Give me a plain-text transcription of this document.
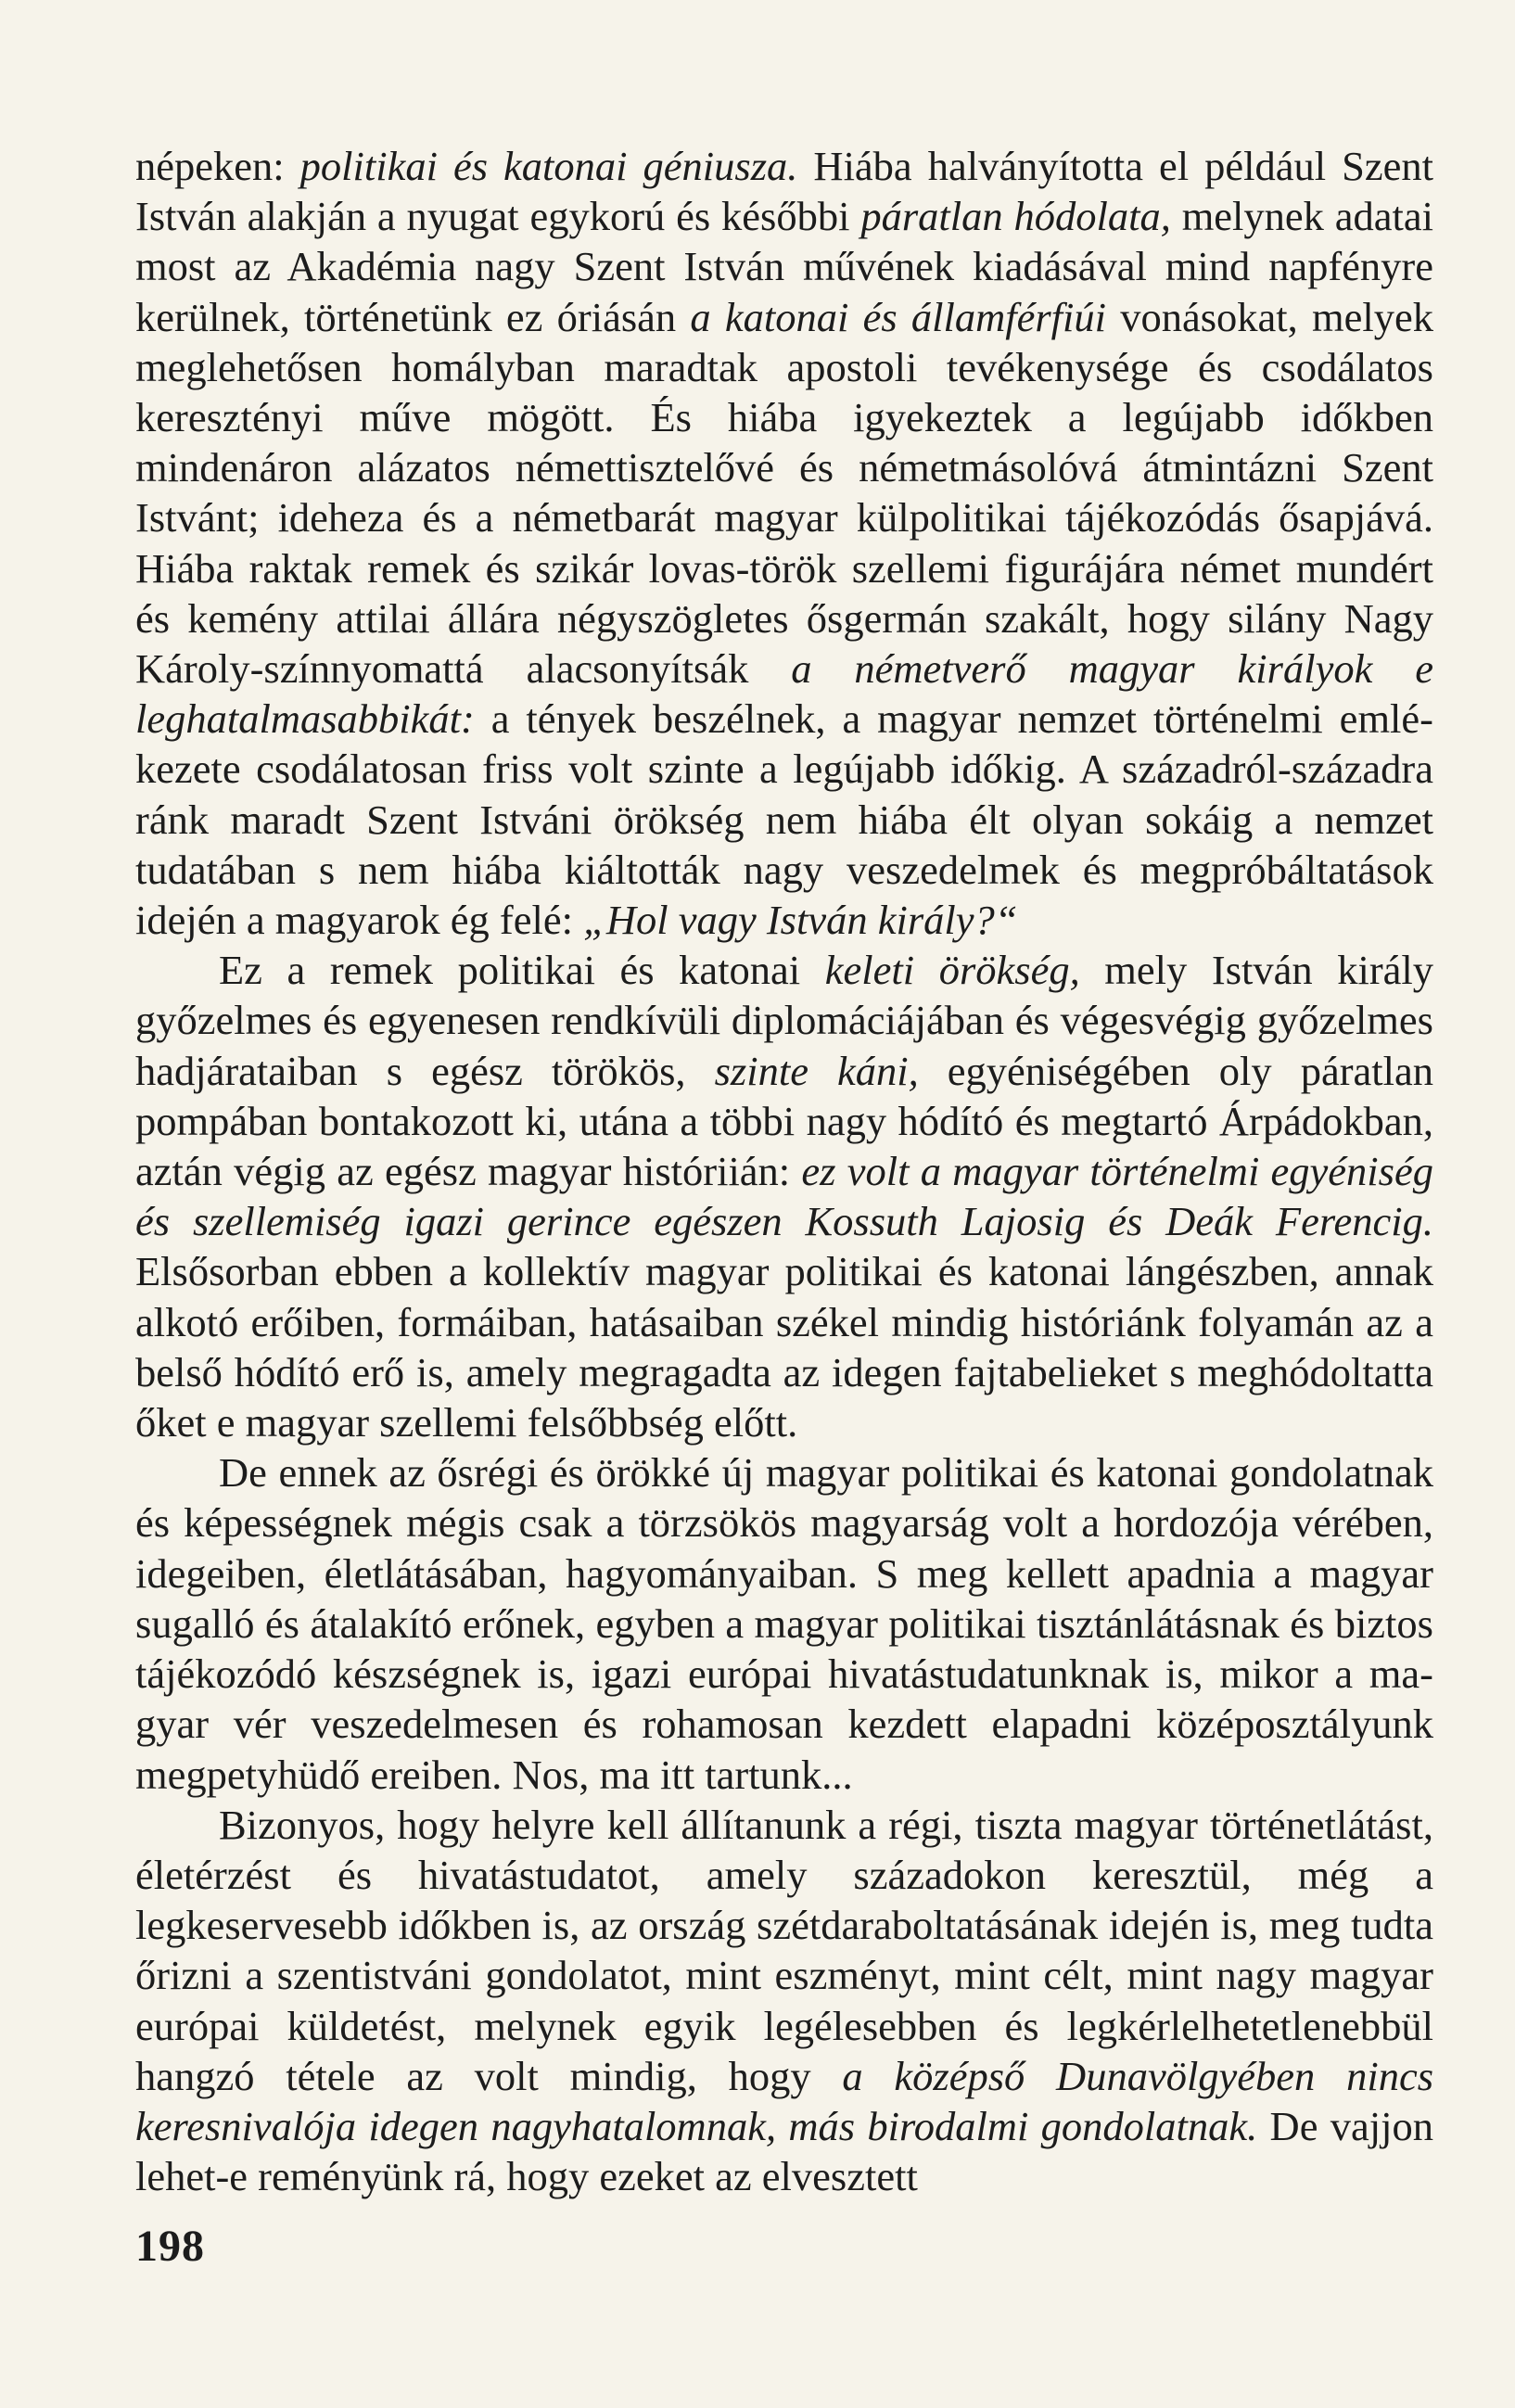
népeken: politikai és katonai géniusza. Hiába halványította el például Szent István alakján a nyugat egykorú és későbbi páratlan hódolata, melynek adatai most az Akadémia nagy Szent István művének kiadásával mind napfényre kerülnek, történetünk ez óriásán a katonai és államférfiúi vonásokat, melyek meglehetősen homályban maradtak apostoli tevékenysége és csodálatos keresztényi műve mögött. És hiába igyekeztek a legújabb időkben mindenáron alázatos némettisztelővé és németmásolóvá átmintázni Szent Istvánt; ideheza és a németbarát magyar külpolitikai tájékozódás ősapjává. Hiába raktak remek és szikár lovas-török szellemi figurájára német mundért és kemény attilai állára négyszögletes ősgermán szakált, hogy silány Nagy Károly-színnyomattá alacsonyítsák a németverő magyar királyok e leghatalmasabbikát: a tények beszélnek, a magyar nemzet történelmi emlékezete csodálatosan friss volt szinte a legújabb időkig. A századról-századra ránk maradt Szent Istváni örökség nem hiába élt olyan sokáig a nemzet tudatában s nem hiába kiáltották nagy veszedelmek és megpróbáltatások idején a magyarok ég felé: „Hol vagy István király?“

Ez a remek politikai és katonai keleti örökség, mely István király győzelmes és egyenesen rendkívüli diplomáciájában és végesvégig győzelmes hadjárataiban s egész törökös, szinte káni, egyéniségében oly páratlan pompában bontakozott ki, utána a többi nagy hódító és megtartó Árpádokban, aztán végig az egész magyar históriián: ez volt a magyar történelmi egyéniség és szellemiség igazi gerince egészen Kossuth Lajosig és Deák Ferencig. Elsősorban ebben a kollektív magyar politikai és katonai lángészben, annak alkotó erőiben, formáiban, hatásaiban székel mindig históriánk folyamán az a belső hódító erő is, amely megragadta az idegen fajtabelieket s meghódoltatta őket e magyar szellemi felsőbbség előtt.

De ennek az ősrégi és örökké új magyar politikai és katonai gondolatnak és képességnek mégis csak a törzsökös magyarság volt a hordozója vérében, idegeiben, életlátásában, hagyományaiban. S meg kellett apadnia a magyar sugalló és átalakító erőnek, egyben a magyar politikai tisztánlátásnak és biztos tájékozódó készségnek is, igazi európai hivatástudatunknak is, mikor a magyar vér veszedelmesen és rohamosan kezdett elapadni középosztályunk megpetyhüdő ereiben. Nos, ma itt tartunk...

Bizonyos, hogy helyre kell állítanunk a régi, tiszta magyar történetlátást, életérzést és hivatástudatot, amely századokon keresztül, még a legkeservesebb időkben is, az ország szétdaraboltatásának idején is, meg tudta őrizni a szentistváni gondolatot, mint eszményt, mint célt, mint nagy magyar európai küldetést, melynek egyik legélesebben és legkérlelhetetlenebbül hangzó tétele az volt mindig, hogy a középső Dunavölgyében nincs keresnivalója idegen nagyhatalomnak, más birodalmi gondolatnak. De vajjon lehet-e reményünk rá, hogy ezeket az elvesztett

198
